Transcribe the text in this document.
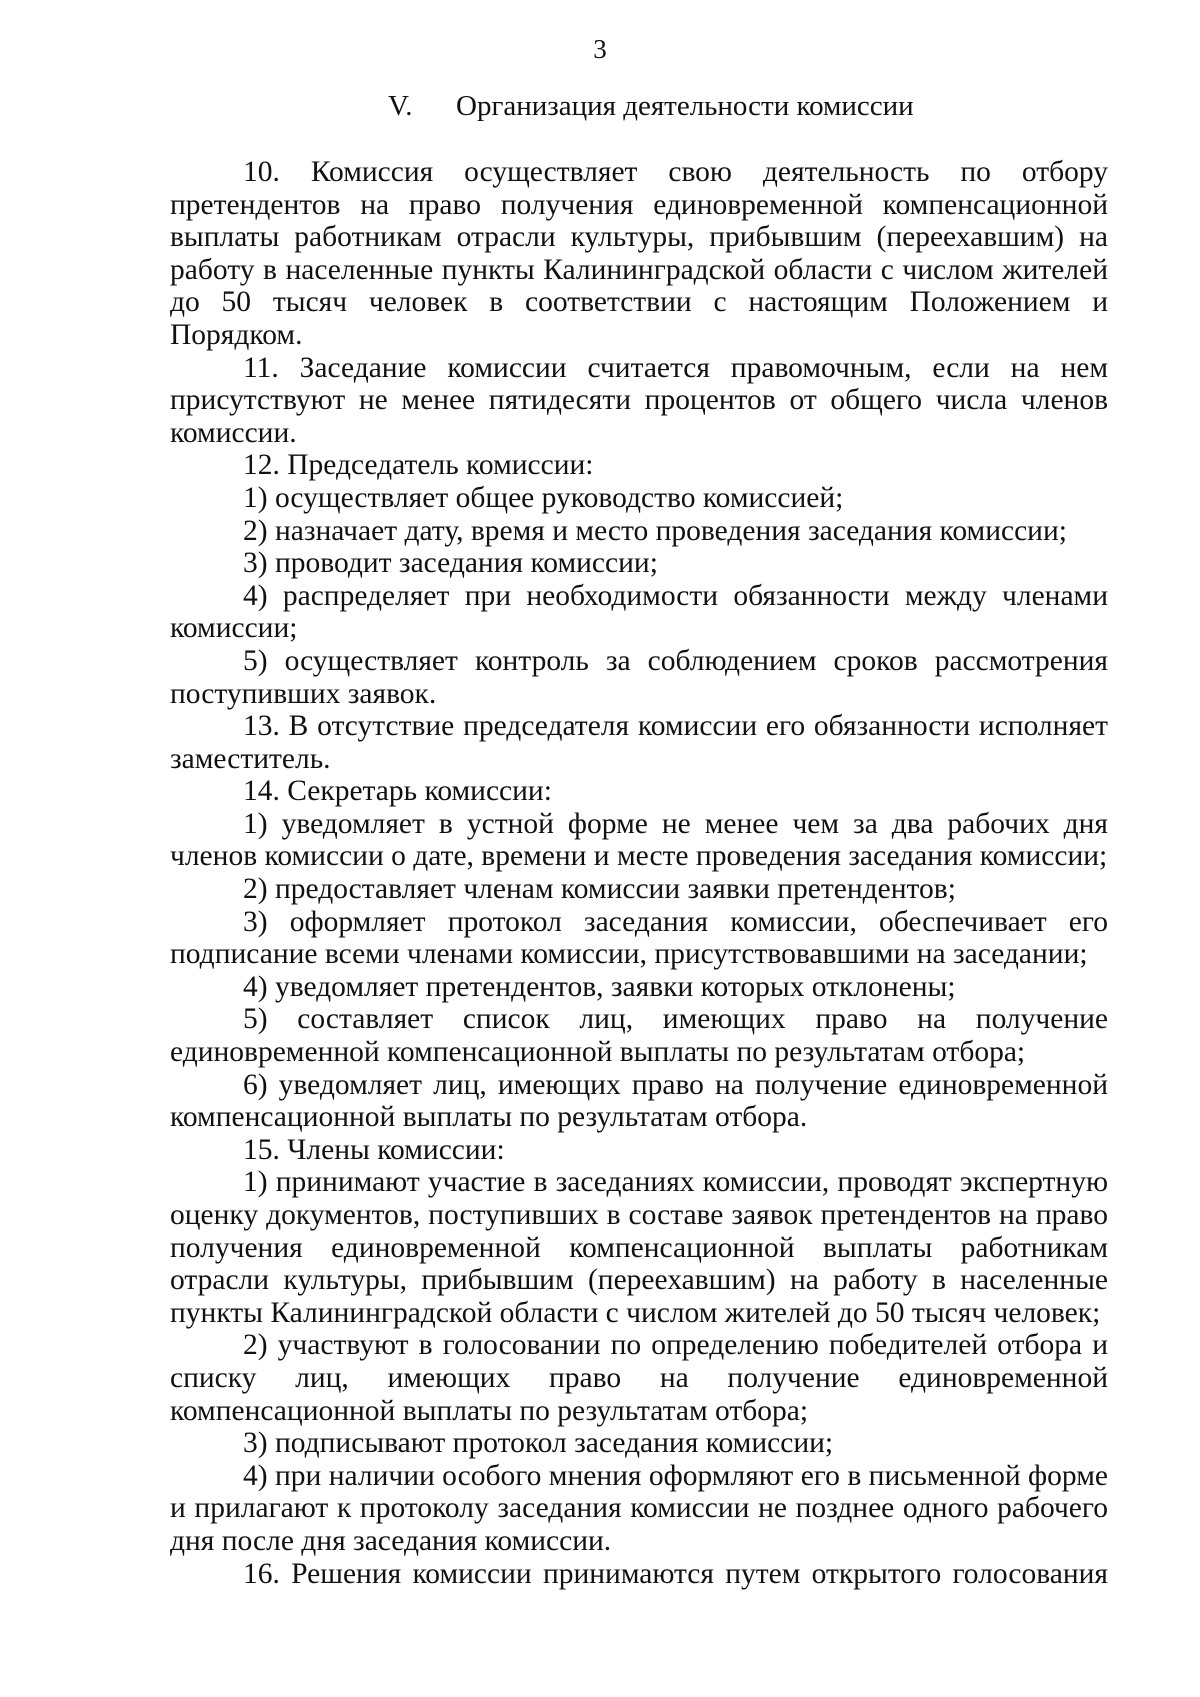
3
V. Организация деятельности комиссии

10. Комиссия осуществляет свою деятельность по отбору претендентов на право получения единовременной компенсационной выплаты работникам отрасли культуры, прибывшим (переехавшим) на работу в населенные пункты Калининградской области с числом жителей до 50 тысяч человек в соответствии с настоящим Положением и Порядком.

11. Заседание комиссии считается правомочным, если на нем присутствуют не менее пятидесяти процентов от общего числа членов комиссии.

12. Председатель комиссии:

1) осуществляет общее руководство комиссией;

2) назначает дату, время и место проведения заседания комиссии;

3) проводит заседания комиссии;

4) распределяет при необходимости обязанности между членами комиссии;

5) осуществляет контроль за соблюдением сроков рассмотрения поступивших заявок.

13. В отсутствие председателя комиссии его обязанности исполняет заместитель.

14. Секретарь комиссии:

1) уведомляет в устной форме не менее чем за два рабочих дня членов комиссии о дате, времени и месте проведения заседания комиссии;

2) предоставляет членам комиссии заявки претендентов;

3) оформляет протокол заседания комиссии, обеспечивает его подписание всеми членами комиссии, присутствовавшими на заседании;

4) уведомляет претендентов, заявки которых отклонены;

5) составляет список лиц, имеющих право на получение единовременной компенсационной выплаты по результатам отбора;

6) уведомляет лиц, имеющих право на получение единовременной компенсационной выплаты по результатам отбора.

15. Члены комиссии:

1) принимают участие в заседаниях комиссии, проводят экспертную оценку документов, поступивших в составе заявок претендентов на право получения единовременной компенсационной выплаты работникам отрасли культуры, прибывшим (переехавшим) на работу в населенные пункты Калининградской области с числом жителей до 50 тысяч человек;

2) участвуют в голосовании по определению победителей отбора и списку лиц, имеющих право на получение единовременной компенсационной выплаты по результатам отбора;

3) подписывают протокол заседания комиссии;

4) при наличии особого мнения оформляют его в письменной форме и прилагают к протоколу заседания комиссии не позднее одного рабочего дня после дня заседания комиссии.

16. Решения комиссии принимаются путем открытого голосования
